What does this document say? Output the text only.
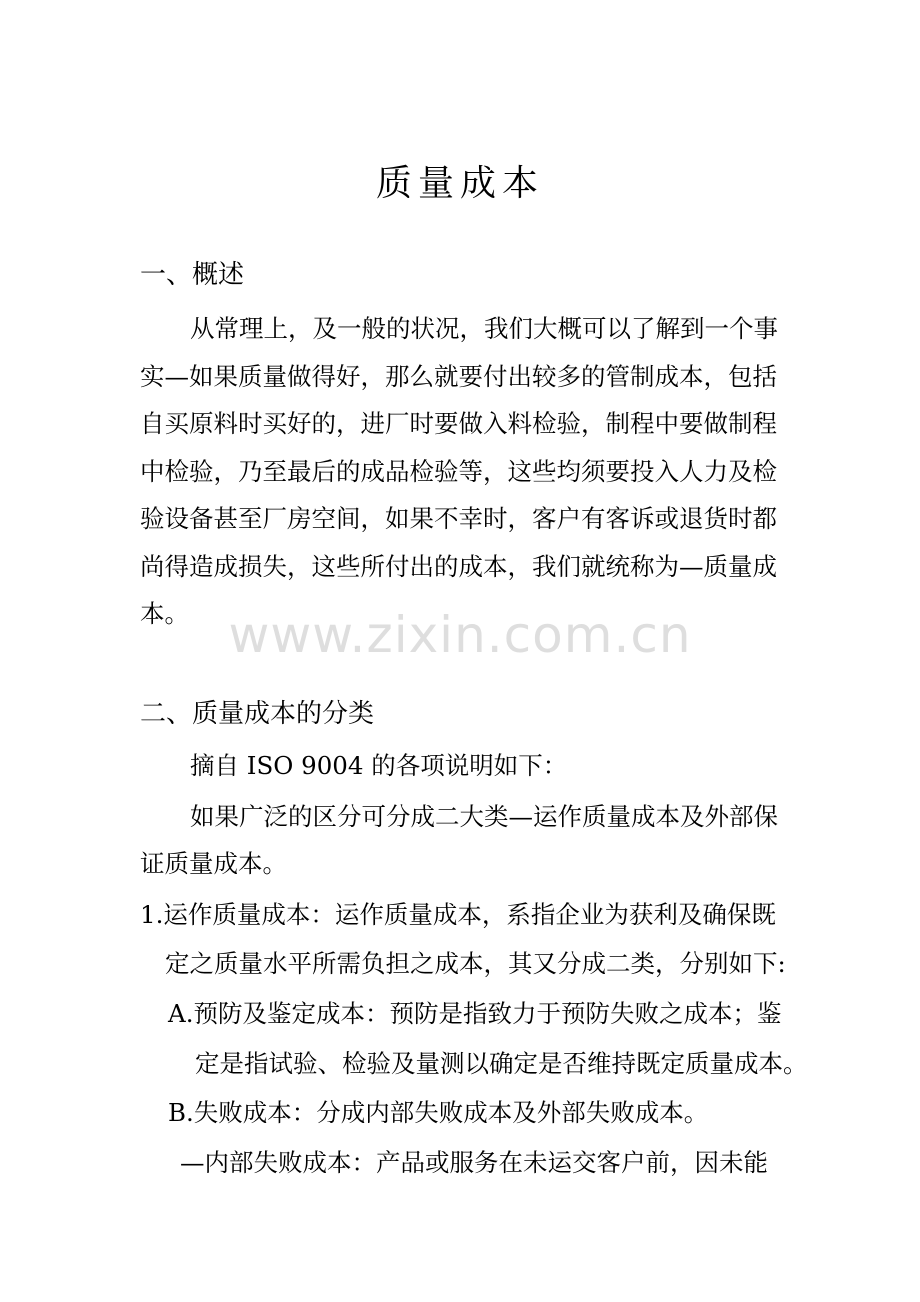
www.zixin.com.cn
质量成本
一、概述
从常理上，及一般的状况，我们大概可以了解到一个事
实—如果质量做得好，那么就要付出较多的管制成本，包括
自买原料时买好的，进厂时要做入料检验，制程中要做制程
中检验，乃至最后的成品检验等，这些均须要投入人力及检
验设备甚至厂房空间，如果不幸时，客户有客诉或退货时都
尚得造成损失，这些所付出的成本，我们就统称为—质量成
本。
二、质量成本的分类
摘自 ISO 9004 的各项说明如下：
如果广泛的区分可分成二大类—运作质量成本及外部保
证质量成本。
1.运作质量成本：运作质量成本，系指企业为获利及确保既
定之质量水平所需负担之成本，其又分成二类，分别如下:
A.预防及鉴定成本：预防是指致力于预防失败之成本；鉴
定是指试验、检验及量测以确定是否维持既定质量成本。
B.失败成本：分成内部失败成本及外部失败成本。
—内部失败成本：产品或服务在未运交客户前，因未能
